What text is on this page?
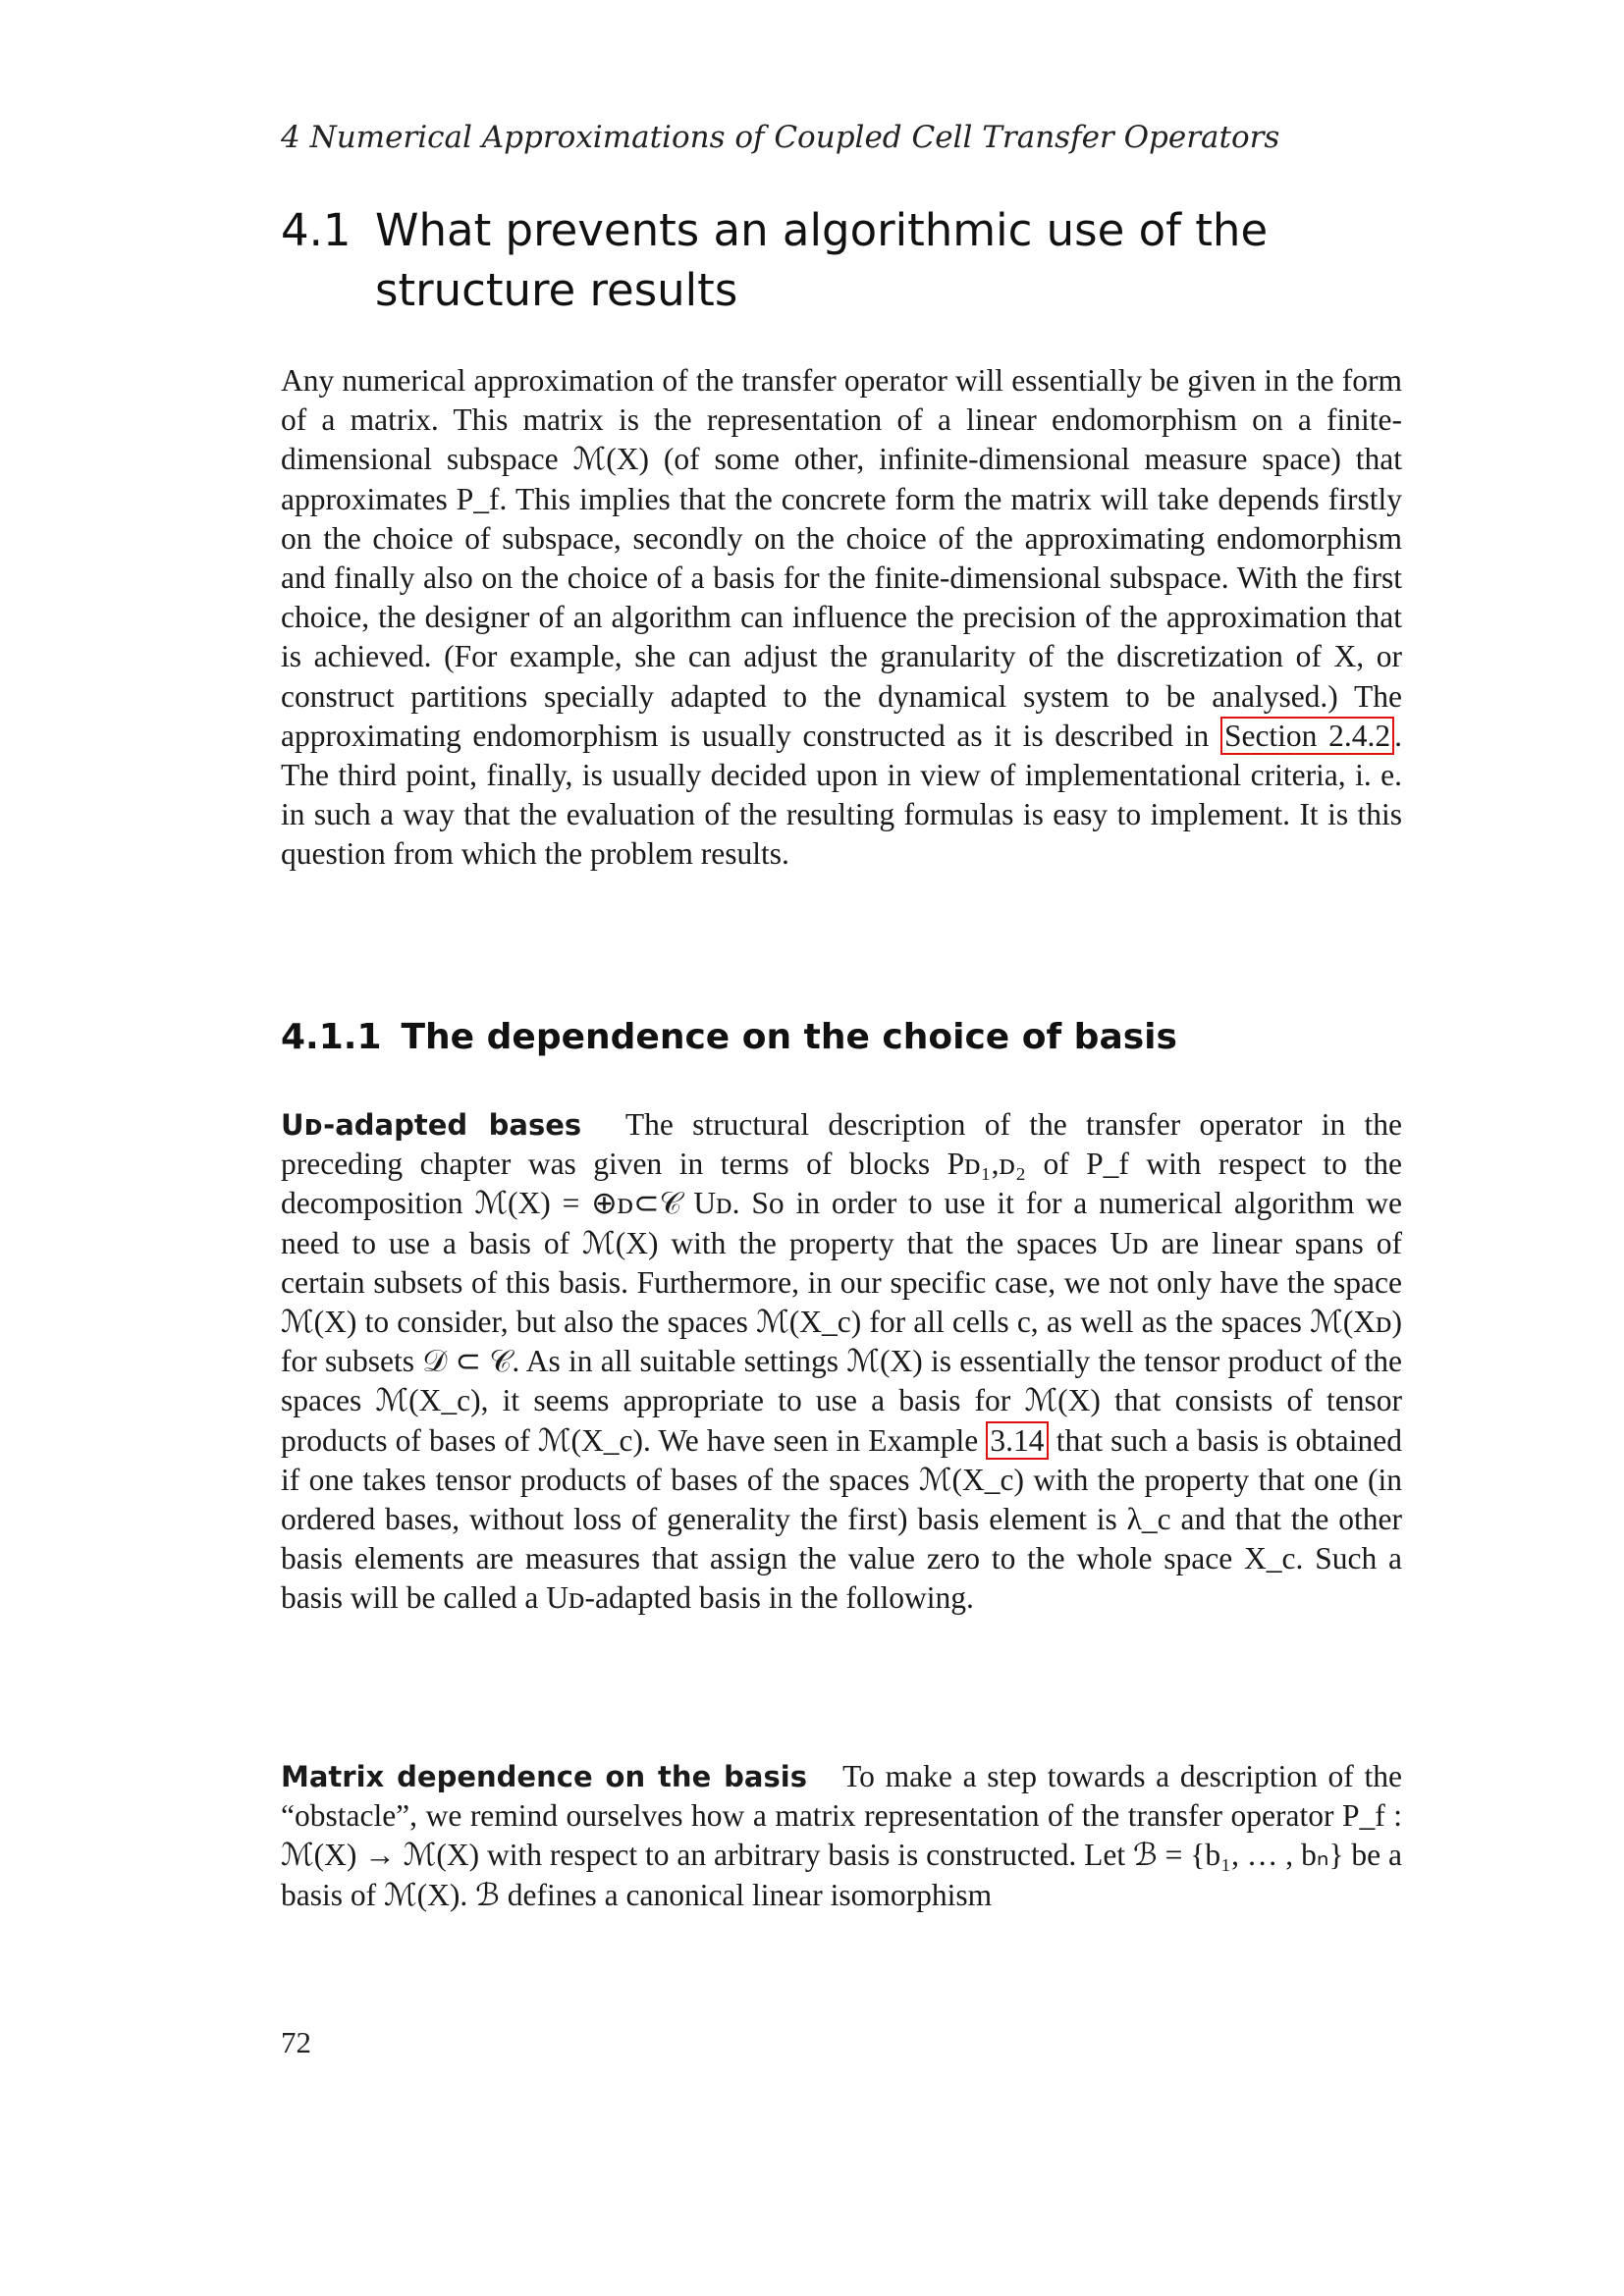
4 Numerical Approximations of Coupled Cell Transfer Operators
4.1 What prevents an algorithmic use of the structure results

Any numerical approximation of the transfer operator will essentially be given in the form of a matrix. This matrix is the representation of a linear endomorphism on a finite-dimensional subspace ℳ(X) (of some other, infinite-dimensional measure space) that approximates P_f. This implies that the concrete form the matrix will take depends firstly on the choice of subspace, secondly on the choice of the approximating endomorphism and finally also on the choice of a basis for the finite-dimensional subspace. With the first choice, the designer of an algorithm can influence the precision of the approximation that is achieved. (For example, she can adjust the granularity of the discretization of X, or construct partitions specially adapted to the dynamical system to be analysed.) The approximating endomorphism is usually constructed as it is described in Section 2.4.2 . The third point, finally, is usually decided upon in view of implementational criteria, i. e. in such a way that the evaluation of the resulting formulas is easy to implement. It is this question from which the problem results.

4.1.1 The dependence on the choice of basis

Uᴅ-adapted bases The structural description of the transfer operator in the preceding chapter was given in terms of blocks Pᴅ₁,ᴅ₂ of P_f with respect to the decomposition ℳ(X) = ⊕ᴅ⊂𝒞 Uᴅ. So in order to use it for a numerical algorithm we need to use a basis of ℳ(X) with the property that the spaces Uᴅ are linear spans of certain subsets of this basis. Furthermore, in our specific case, we not only have the space ℳ(X) to consider, but also the spaces ℳ(X_c) for all cells c, as well as the spaces ℳ(Xᴅ) for subsets 𝒟 ⊂ 𝒞. As in all suitable settings ℳ(X) is essentially the tensor product of the spaces ℳ(X_c), it seems appropriate to use a basis for ℳ(X) that consists of tensor products of bases of ℳ(X_c). We have seen in Example 3.14 that such a basis is obtained if one takes tensor products of bases of the spaces ℳ(X_c) with the property that one (in ordered bases, without loss of generality the first) basis element is λ_c and that the other basis elements are measures that assign the value zero to the whole space X_c. Such a basis will be called a Uᴅ-adapted basis in the following.

Matrix dependence on the basis To make a step towards a description of the “obstacle”, we remind ourselves how a matrix representation of the transfer operator P_f : ℳ(X) → ℳ(X) with respect to an arbitrary basis is constructed. Let ℬ = {b₁, … , bₙ} be a basis of ℳ(X). ℬ defines a canonical linear isomorphism

72
